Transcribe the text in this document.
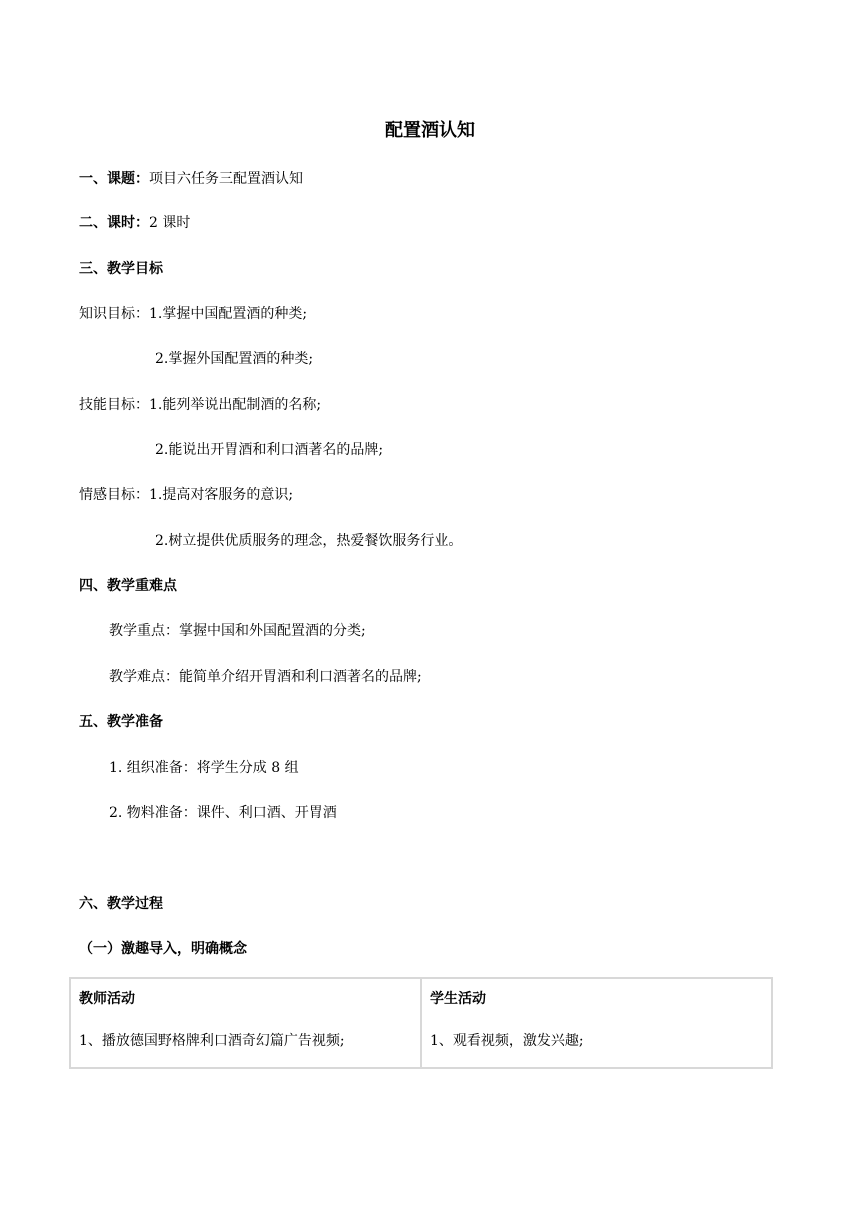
配置酒认知
一、课题：项目六任务三配置酒认知
二、课时：2 课时
三、教学目标
知识目标：1.掌握中国配置酒的种类;
2.掌握外国配置酒的种类;
技能目标：1.能列举说出配制酒的名称;
2.能说出开胃酒和利口酒著名的品牌;
情感目标：1.提高对客服务的意识;
2.树立提供优质服务的理念，热爱餐饮服务行业。
四、教学重难点
教学重点：掌握中国和外国配置酒的分类;
教学难点：能简单介绍开胃酒和利口酒著名的品牌;
五、教学准备
1. 组织准备：将学生分成 8 组
2. 物料准备：课件、利口酒、开胃酒
六、教学过程
（一）激趣导入，明确概念
教师活动
1、播放德国野格牌利口酒奇幻篇广告视频;
学生活动
1、观看视频，激发兴趣;
